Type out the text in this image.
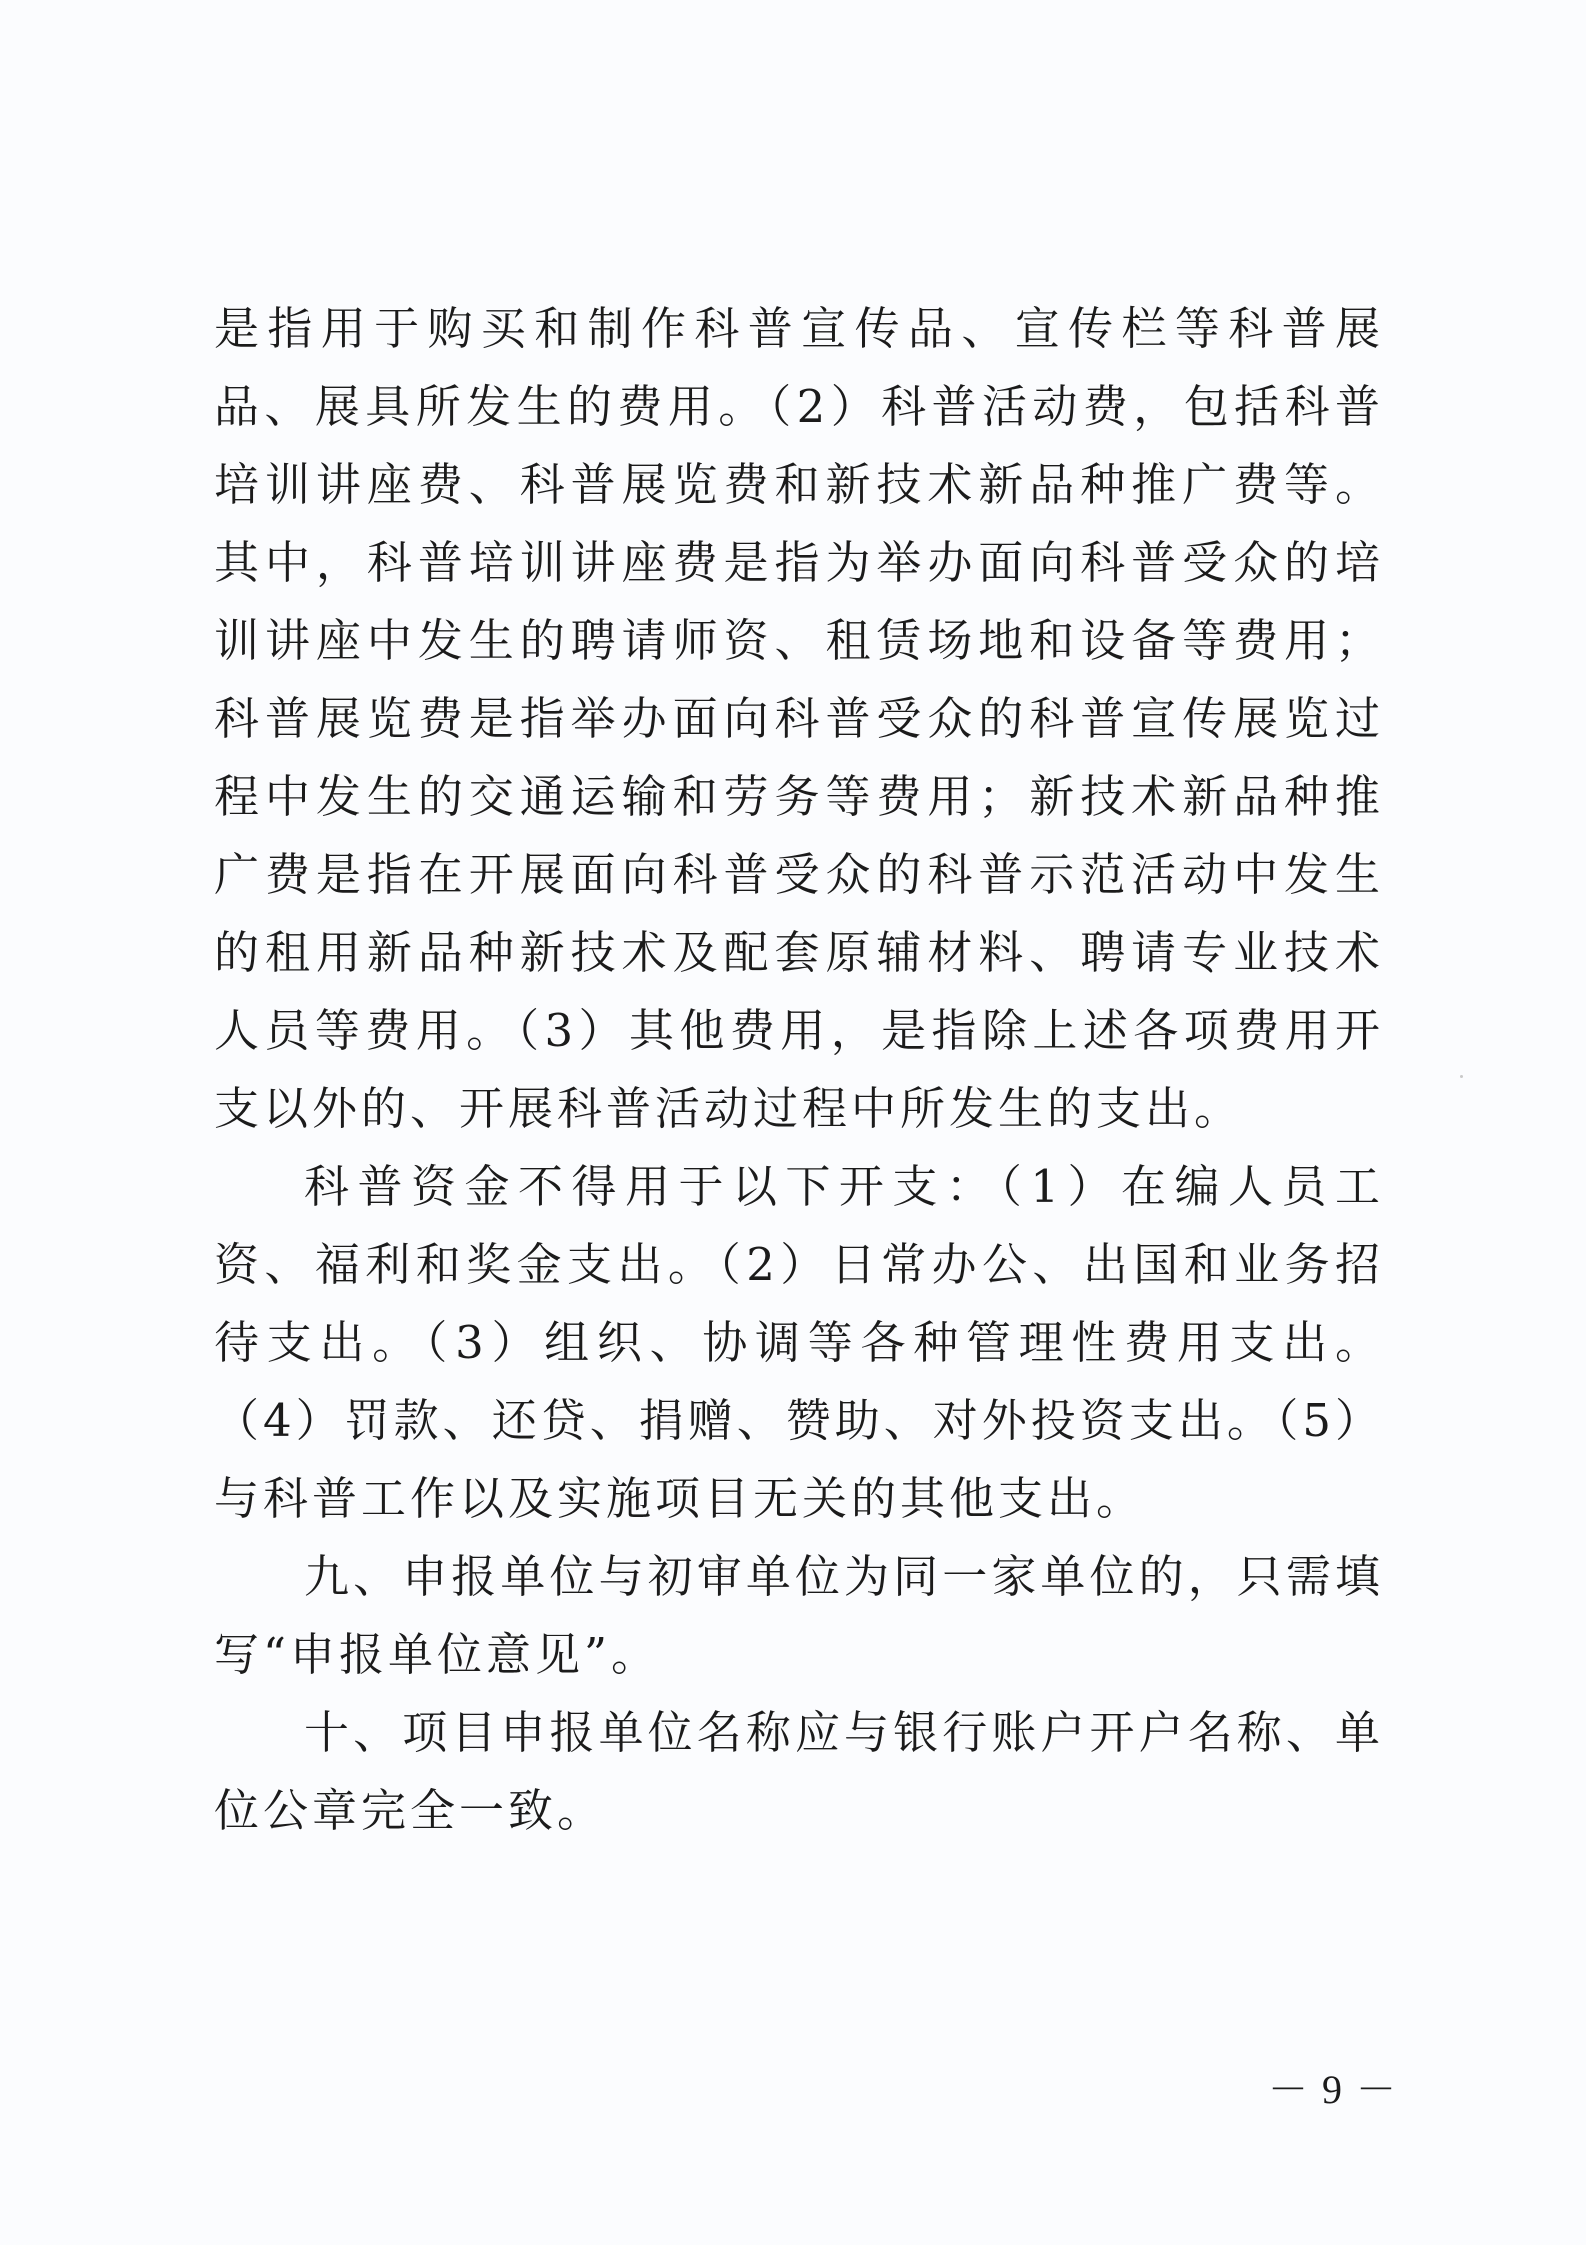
是指用于购买和制作科普宣传品、宣传栏等科普展品、展具所发生的费用。（2）科普活动费，包括科普培训讲座费、科普展览费和新技术新品种推广费等。其中，科普培训讲座费是指为举办面向科普受众的培训讲座中发生的聘请师资、租赁场地和设备等费用；科普展览费是指举办面向科普受众的科普宣传展览过程中发生的交通运输和劳务等费用；新技术新品种推广费是指在开展面向科普受众的科普示范活动中发生的租用新品种新技术及配套原辅材料、聘请专业技术人员等费用。（3）其他费用，是指除上述各项费用开支以外的、开展科普活动过程中所发生的支出。

科普资金不得用于以下开支：（1）在编人员工资、福利和奖金支出。（2）日常办公、出国和业务招待支出。（3）组织、协调等各种管理性费用支出。（4）罚款、还贷、捐赠、赞助、对外投资支出。（5）与科普工作以及实施项目无关的其他支出。

九、申报单位与初审单位为同一家单位的，只需填写“申报单位意见”。

十、项目申报单位名称应与银行账户开户名称、单位公章完全一致。

－ 9 －
